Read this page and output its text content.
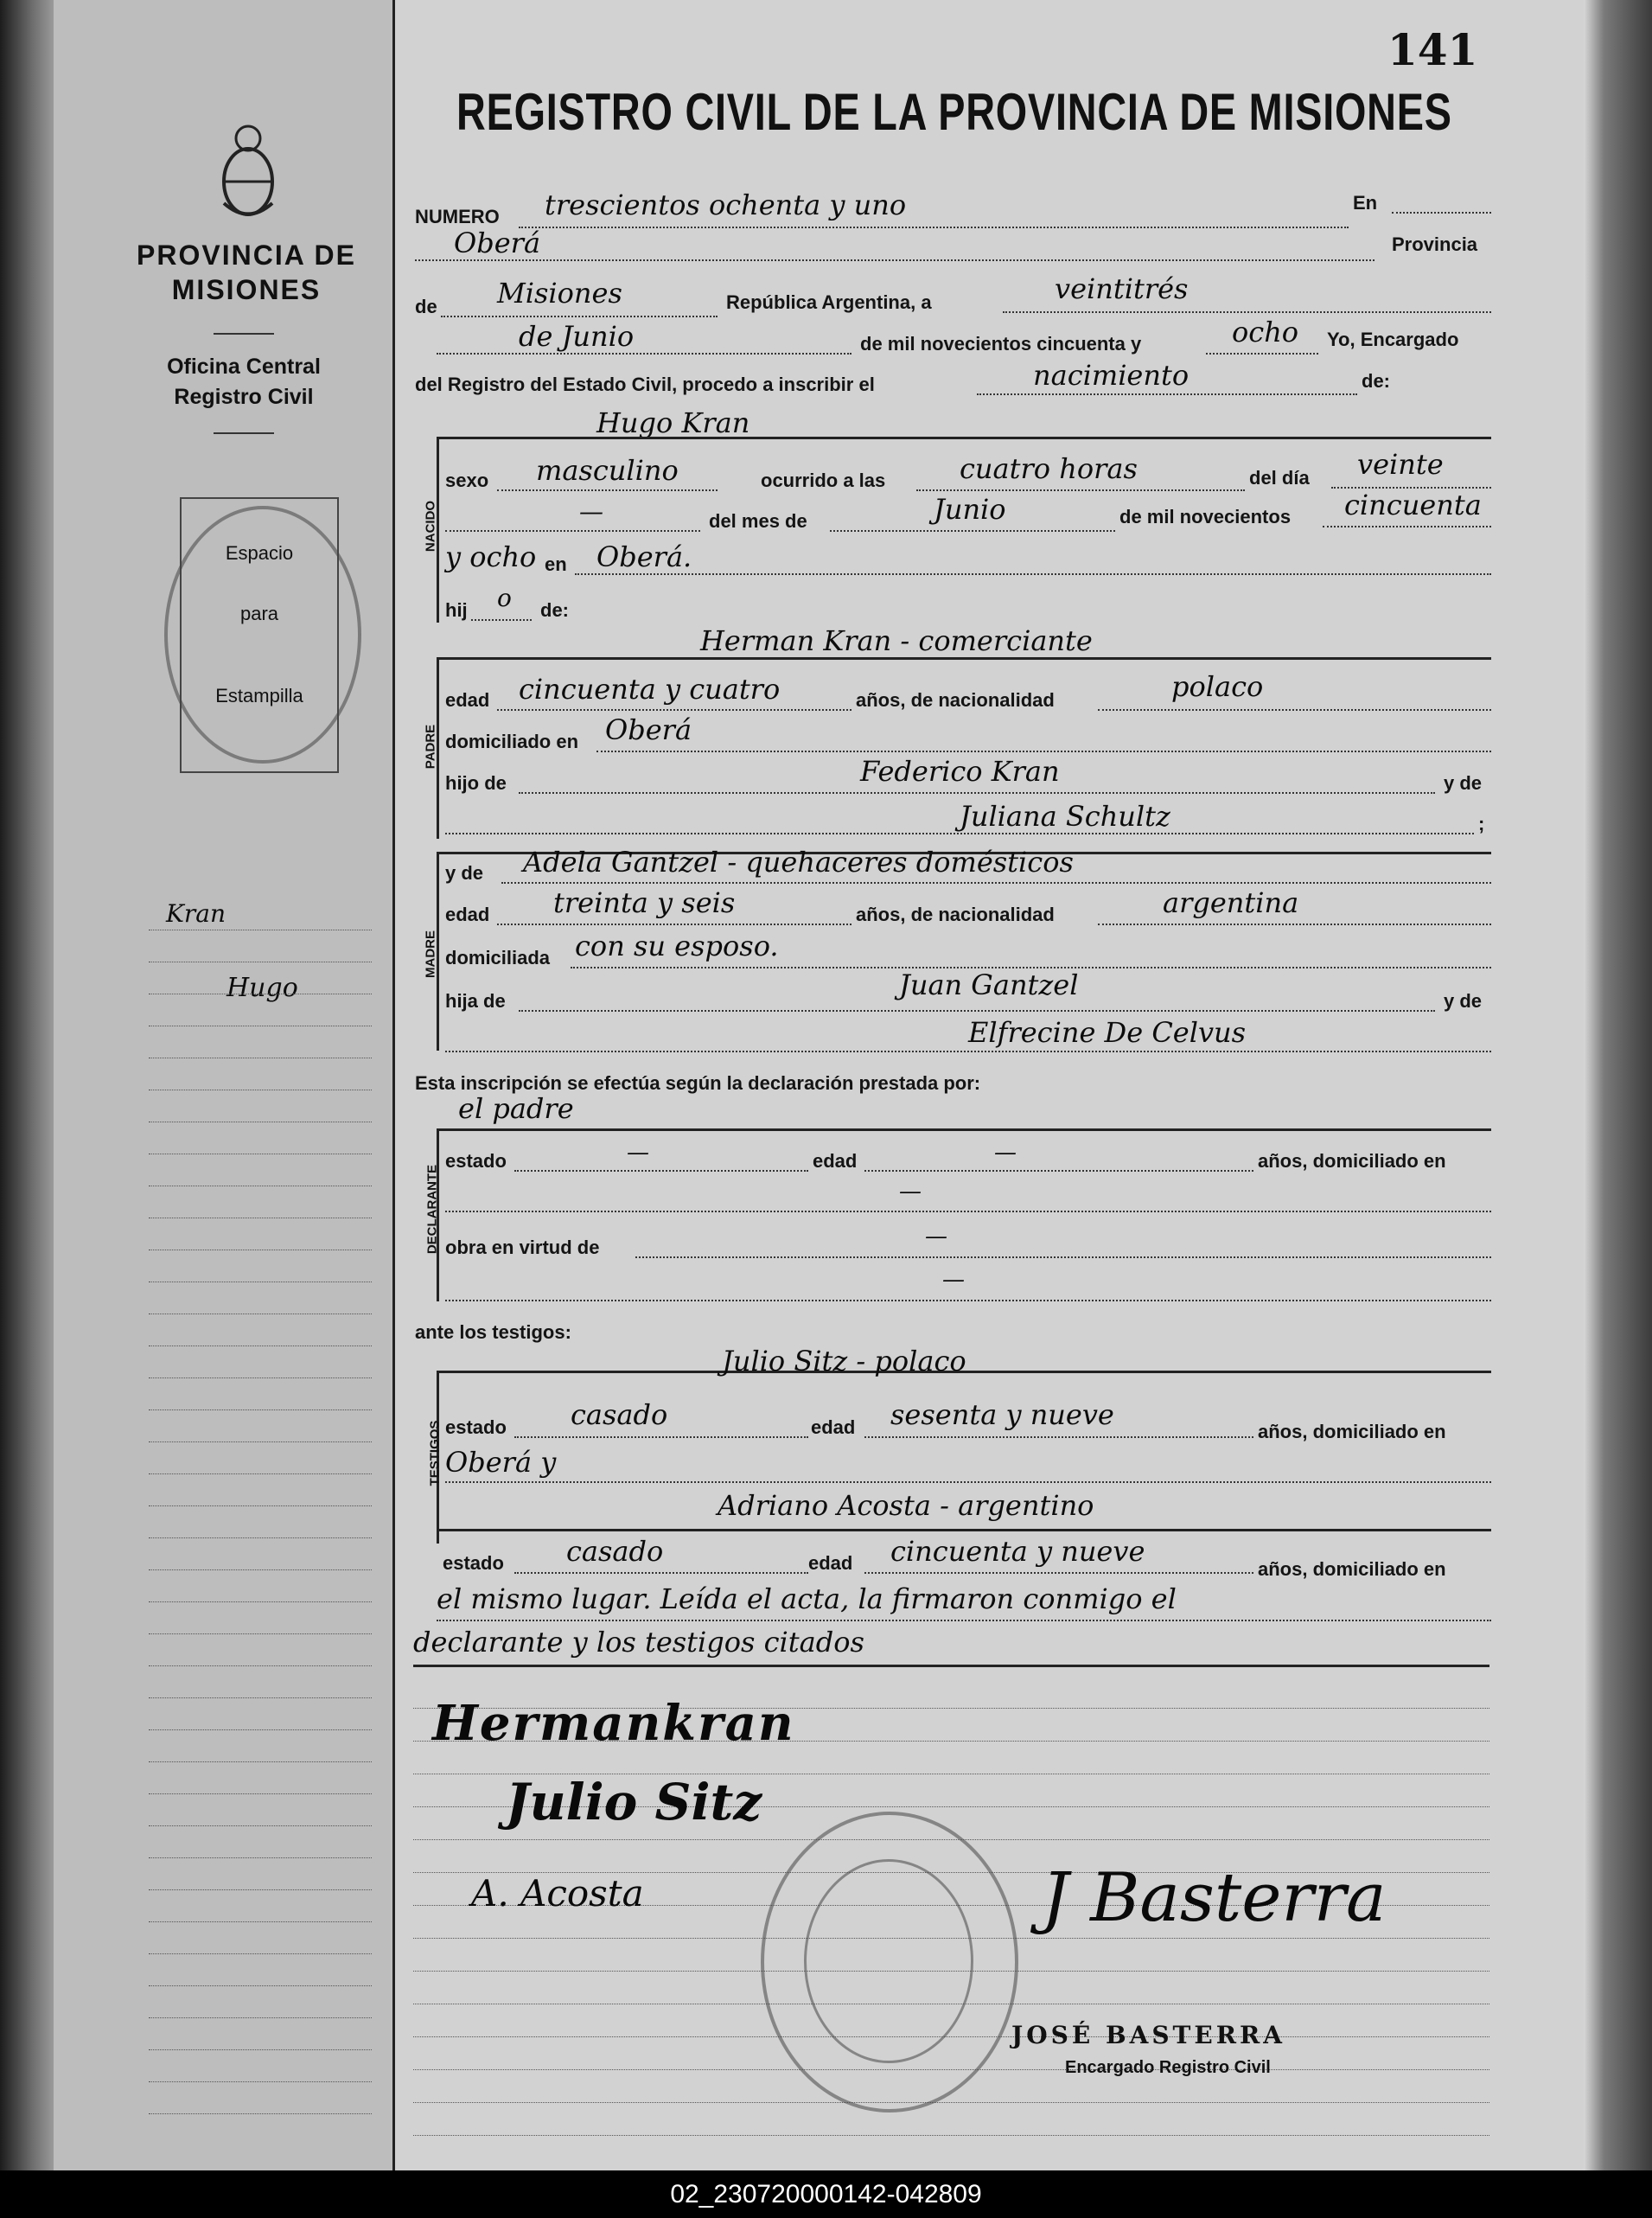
PROVINCIA DE MISIONES
Oficina Central
Registro Civil
Espacio
para
Estampilla
Kran
Hugo
141
REGISTRO CIVIL DE LA PROVINCIA DE MISIONES
NUMERO trescientos ochenta y uno	En
Oberá	Provincia
de Misiones	República Argentina, a	veintitrés
de Junio	de mil novecientos cincuenta y	ocho Yo, Encargado
del Registro del Estado Civil, procedo a inscribir el	nacimiento	de:
NACIDO
Hugo Kran
sexo masculino	ocurrido a las	cuatro horas	del día veinte
—	del mes de	Junio	de mil novecientos cincuenta
y ocho en Oberá.
hij o de:
PADRE
Herman Kran - comerciante
edad cincuenta y cuatro	años, de nacionalidad	polaco
domiciliado en Oberá
hijo de	Federico Kran	y de
Juliana Schultz	;
MADRE
y de Adela Gantzel - quehaceres domésticos
edad treinta y seis	años, de nacionalidad	argentina
domiciliada con su esposo.
hija de	Juan Gantzel	y de
Elfrecine De Celvus
Esta inscripción se efectúa según la declaración prestada por:
DECLARANTE
el padre
estado	—	edad	—	años, domiciliado en
—
obra en virtud de	—
—
ante los testigos:
TESTIGOS
Julio Sitz - polaco
estado casado	edad sesenta y nueve
años, domiciliado en
Oberá y
Adriano Acosta - argentino
estado casado	edad cincuenta y nueve
años, domiciliado en
el mismo lugar. Leída el acta, la firmaron conmigo el
declarante y los testigos citados
Hermankran
Julio Sitz
A. Acosta	J Basterra
JOSÉ BASTERRA
Encargado Registro Civil
02_230720000142-042809
